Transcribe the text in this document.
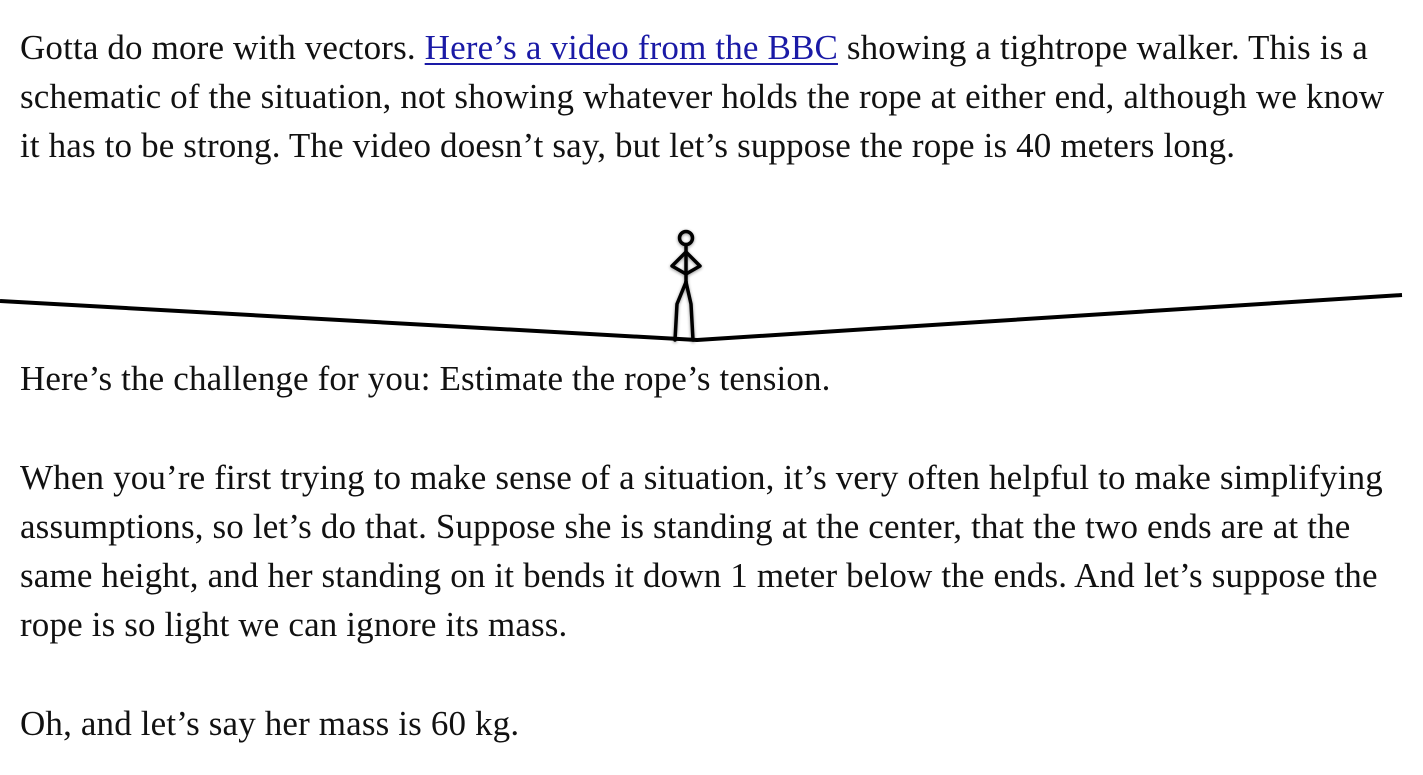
Gotta do more with vectors. Here’s a video from the BBC showing a tightrope walker. This is a schematic of the situation, not showing whatever holds the rope at either end, although we know it has to be strong. The video doesn’t say, but let’s suppose the rope is 40 meters long.

Here’s the challenge for you: Estimate the rope’s tension.

When you’re first trying to make sense of a situation, it’s very often helpful to make simplifying assumptions, so let’s do that. Suppose she is standing at the center, that the two ends are at the same height, and her standing on it bends it down 1 meter below the ends. And let’s suppose the rope is so light we can ignore its mass.

Oh, and let’s say her mass is 60 kg.
